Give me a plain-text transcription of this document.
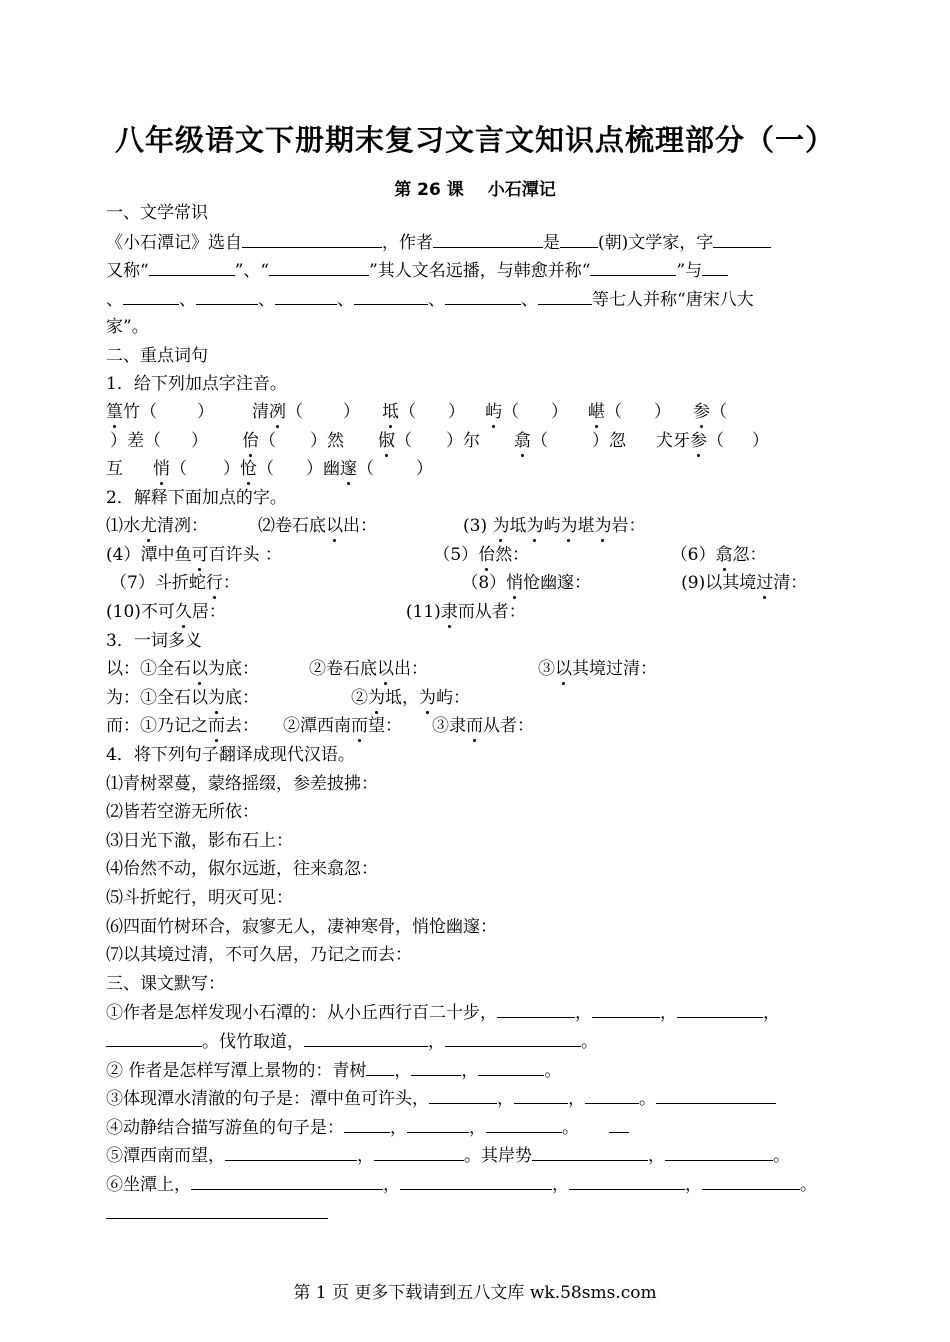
八年级语文下册期末复习文言文知识点梳理部分（一）
第 26 课 小石潭记
一、文学常识
《小石潭记》选自	，作者	是 (朝)文学家，字
又称“	”、“	”其人文名远播，与韩愈并称“	”与
、	、	、	、	、	、	等七人并称“唐宋八大
家”。
二、重点词句
1．给下列加点字注音。
篁竹（ ） 清冽（ ） 坻（ ） 屿（ ） 嵁（ ） 参（
）差（ ） 佁（ ）然 俶（ ）尔 翕（	）忽 犬牙参（ ）
互 悄（ ）怆（ ）幽邃（ ）
2．解释下面加点的字。
⑴水尤清冽：	⑵卷石底以出：	(3) 为坻为屿为堪为岩：
(4）潭中鱼可百许头 ：	（5）佁然：	（6）翕忽：
（7）斗折蛇行：	（8）悄怆幽邃：	(9)以其境过清：
(10)不可久居：	(11)隶而从者：
3．一词多义
以：①全石以为底：	②卷石底以出：	③以其境过清：
为：①全石以为底：	②为坻，为屿：
而：①乃记之而去： ②潭西南而望： ③隶而从者：
4．将下列句子翻译成现代汉语。
⑴青树翠蔓，蒙络摇缀，参差披拂：
⑵皆若空游无所依：
⑶日光下澈，影布石上：
⑷佁然不动，俶尔远逝，往来翕忽：
⑸斗折蛇行，明灭可见：
⑹四面竹树环合，寂寥无人，凄神寒骨，悄怆幽邃：
⑺以其境过清，不可久居，乃记之而去：
三、课文默写：
①作者是怎样发现小石潭的：从小丘西行百二十步，	，	，	，
。伐竹取道，	，	。
② 作者是怎样写潭上景物的：青树 ，	，	。
③体现潭水清澈的句子是：潭中鱼可许头，	，	，	。
④动静结合描写游鱼的句子是：	，	，	。
⑤潭西南而望，	，	。其岸势	，	。
⑥坐潭上，	，	，	，	。
第 1 页 更多下载请到五八文库 wk.58sms.com
